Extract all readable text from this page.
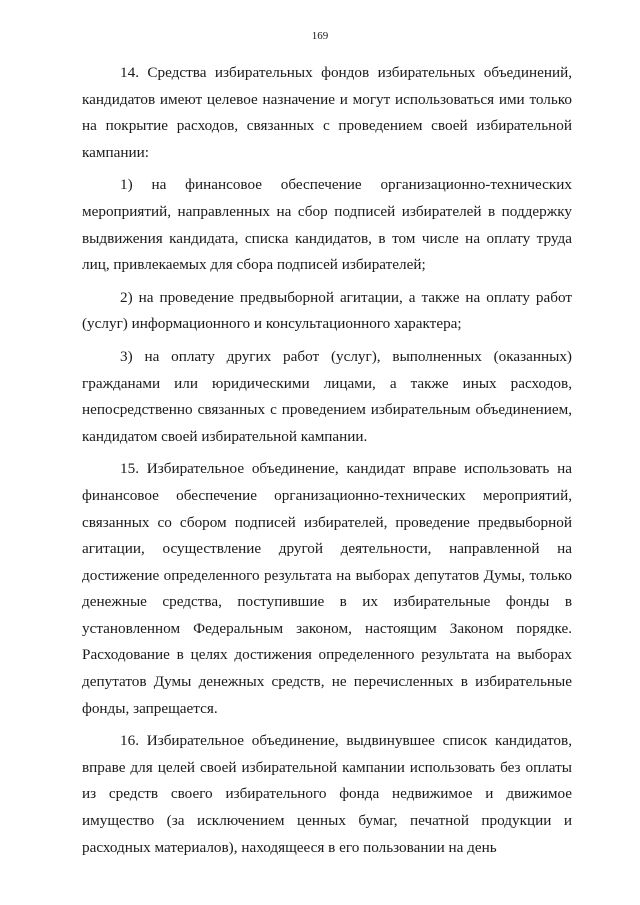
169
14. Средства избирательных фондов избирательных объединений,
кандидатов имеют целевое назначение и могут использоваться ими только
на покрытие расходов, связанных с проведением своей избирательной
кампании:
1) на финансовое обеспечение организационно-технических
мероприятий, направленных на сбор подписей избирателей в поддержку
выдвижения кандидата, списка кандидатов, в том числе на оплату труда
лиц, привлекаемых для сбора подписей избирателей;
2) на проведение предвыборной агитации, а также на оплату работ
(услуг) информационного и консультационного характера;
3) на оплату других работ (услуг), выполненных (оказанных)
гражданами или юридическими лицами, а также иных расходов,
непосредственно связанных с проведением избирательным объединением,
кандидатом своей избирательной кампании.
15. Избирательное объединение, кандидат вправе использовать на
финансовое обеспечение организационно-технических мероприятий,
связанных со сбором подписей избирателей, проведение предвыборной
агитации, осуществление другой деятельности, направленной на
достижение определенного результата на выборах депутатов Думы, только
денежные средства, поступившие в их избирательные фонды в
установленном Федеральным законом, настоящим Законом порядке.
Расходование в целях достижения определенного результата на выборах
депутатов Думы денежных средств, не перечисленных в избирательные
фонды, запрещается.
16. Избирательное объединение, выдвинувшее список кандидатов,
вправе для целей своей избирательной кампании использовать без оплаты
из средств своего избирательного фонда недвижимое и движимое
имущество (за исключением ценных бумаг, печатной продукции и
расходных материалов), находящееся в его пользовании на день
